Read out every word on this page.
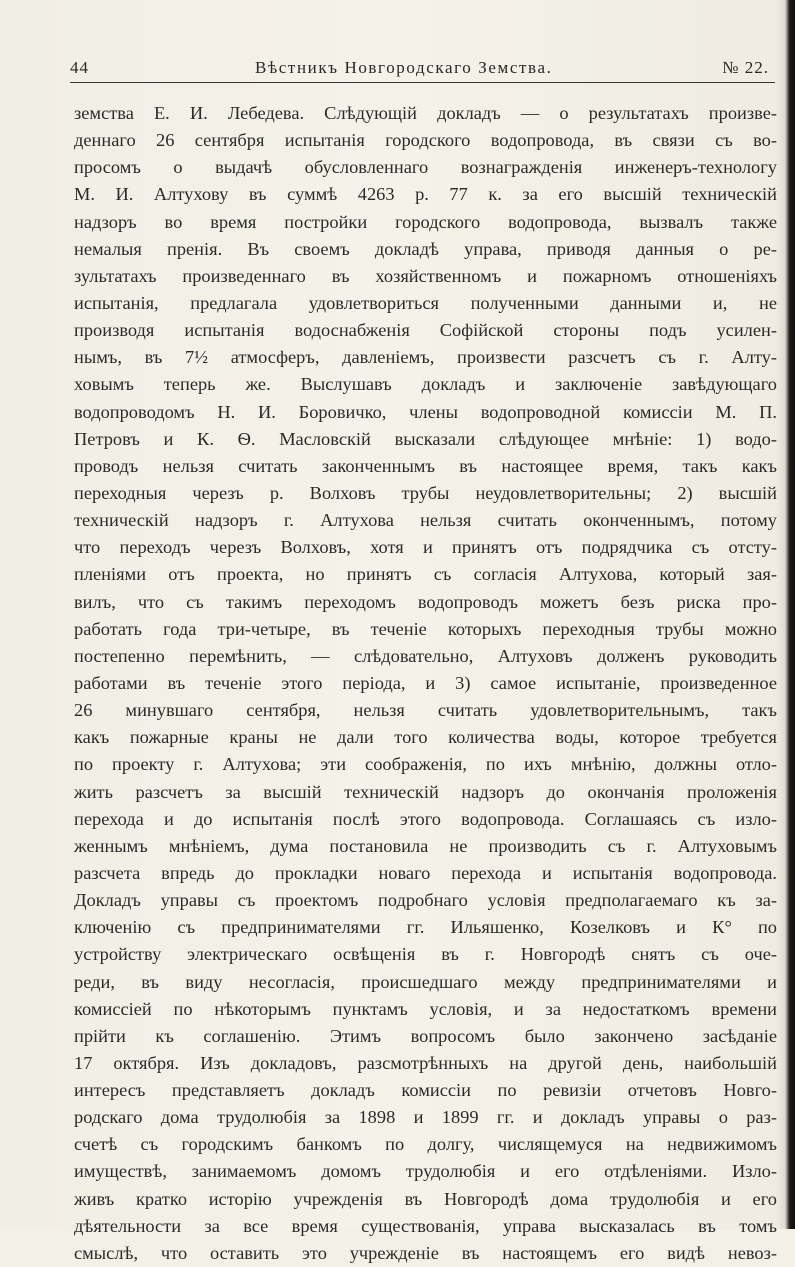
44	Вѣстникъ Новгородскаго Земства.	№ 22.
земства Е. И. Лебедева. Слѣдующій докладъ — о результатахъ произве-
деннаго 26 сентября испытанія городского водопровода, въ связи съ во-
просомъ о выдачѣ обусловленнаго вознагражденія инженеръ-технологу
М. И. Алтухову въ суммѣ 4263 р. 77 к. за его высшій техническій
надзоръ во время постройки городского водопровода, вызвалъ также
немалыя пренія. Въ своемъ докладѣ управа, приводя данныя о ре-
зультатахъ произведеннаго въ хозяйственномъ и пожарномъ отношеніяхъ
испытанія, предлагала удовлетвориться полученными данными и, не
производя испытанія водоснабженія Софійской стороны подъ усилен-
нымъ, въ 7½ атмосферъ, давленіемъ, произвести разсчетъ съ г. Алту-
ховымъ теперь же. Выслушавъ докладъ и заключеніе завѣдующаго
водопроводомъ Н. И. Боровичко, члены водопроводной комиссіи М. П.
Петровъ и К. Ѳ. Масловскій высказали слѣдующее мнѣніе: 1) водо-
проводъ нельзя считать законченнымъ въ настоящее время, такъ какъ
переходныя черезъ р. Волховъ трубы неудовлетворительны; 2) высшій
техническій надзоръ г. Алтухова нельзя считать оконченнымъ, потому
что переходъ черезъ Волховъ, хотя и принятъ отъ подрядчика съ отсту-
пленіями отъ проекта, но принятъ съ согласія Алтухова, который зая-
вилъ, что съ такимъ переходомъ водопроводъ можетъ безъ риска про-
работать года три-четыре, въ теченіе которыхъ переходныя трубы можно
постепенно перемѣнить, — слѣдовательно, Алтуховъ долженъ руководить
работами въ теченіе этого періода, и 3) самое испытаніе, произведенное
26 минувшаго сентября, нельзя считать удовлетворительнымъ, такъ
какъ пожарные краны не дали того количества воды, которое требуется
по проекту г. Алтухова; эти соображенія, по ихъ мнѣнію, должны отло-
жить разсчетъ за высшій техническій надзоръ до окончанія проложенія
перехода и до испытанія послѣ этого водопровода. Соглашаясь съ изло-
женнымъ мнѣніемъ, дума постановила не производить съ г. Алтуховымъ
разсчета впредь до прокладки новаго перехода и испытанія водопровода.
Докладъ управы съ проектомъ подробнаго условія предполагаемаго къ за-
ключенію съ предпринимателями гг. Ильяшенко, Козелковъ и К° по
устройству электрическаго освѣщенія въ г. Новгородѣ снятъ съ оче-
реди, въ виду несогласія, происшедшаго между предпринимателями и
комиссіей по нѣкоторымъ пунктамъ условія, и за недостаткомъ времени
прійти къ соглашенію. Этимъ вопросомъ было закончено засѣданіе
17 октября. Изъ докладовъ, разсмотрѣнныхъ на другой день, наибольшій
интересъ представляетъ докладъ комиссіи по ревизіи отчетовъ Новго-
родскаго дома трудолюбія за 1898 и 1899 гг. и докладъ управы о раз-
счетѣ съ городскимъ банкомъ по долгу, числящемуся на недвижимомъ
имуществѣ, занимаемомъ домомъ трудолюбія и его отдѣленіями. Изло-
живъ кратко исторію учрежденія въ Новгородѣ дома трудолюбія и его
дѣятельности за все время существованія, управа высказалась въ томъ
смыслѣ, что оставить это учрежденіе въ настоящемъ его видѣ невоз-
